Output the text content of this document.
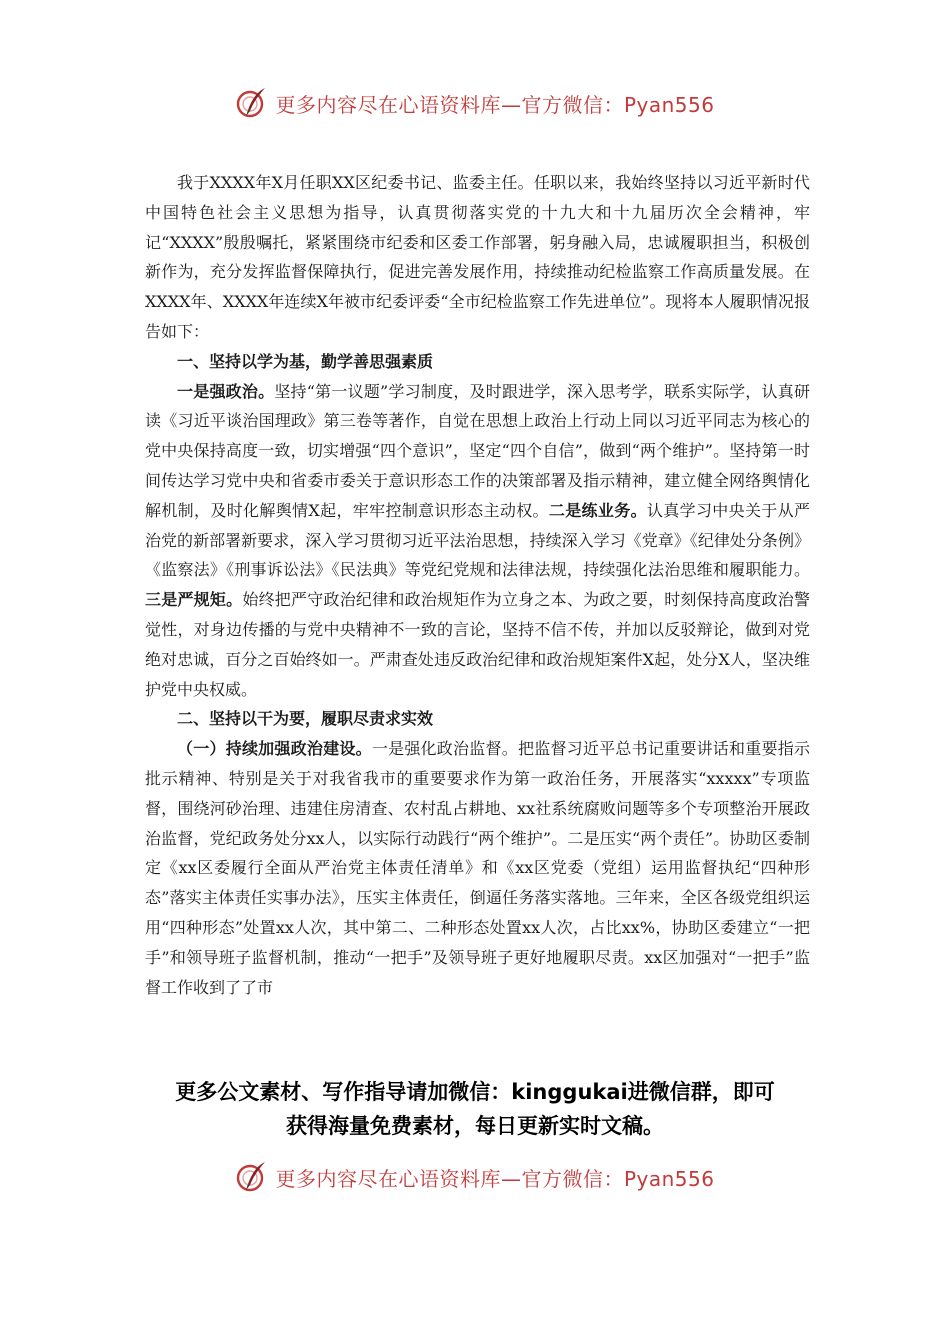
更多内容尽在心语资料库—官方微信：Pyan556

我于XXXX年X月任职XX区纪委书记、监委主任。任职以来，我始终坚持以习近平新时代中国特色社会主义思想为指导，认真贯彻落实党的十九大和十九届历次全会精神，牢记“XXXX”殷殷嘱托，紧紧围绕市纪委和区委工作部署，躬身融入局，忠诚履职担当，积极创新作为，充分发挥监督保障执行，促进完善发展作用，持续推动纪检监察工作高质量发展。在XXXX年、XXXX年连续X年被市纪委评委“全市纪检监察工作先进单位”。现将本人履职情况报告如下：

一、坚持以学为基，勤学善思强素质

一是强政治。坚持“第一议题”学习制度，及时跟进学，深入思考学，联系实际学，认真研读《习近平谈治国理政》第三卷等著作，自觉在思想上政治上行动上同以习近平同志为核心的党中央保持高度一致，切实增强“四个意识”，坚定“四个自信”，做到“两个维护”。坚持第一时间传达学习党中央和省委市委关于意识形态工作的决策部署及指示精神，建立健全网络舆情化解机制，及时化解舆情X起，牢牢控制意识形态主动权。二是练业务。认真学习中央关于从严治党的新部署新要求，深入学习贯彻习近平法治思想，持续深入学习《党章》《纪律处分条例》《监察法》《刑事诉讼法》《民法典》等党纪党规和法律法规，持续强化法治思维和履职能力。三是严规矩。始终把严守政治纪律和政治规矩作为立身之本、为政之要，时刻保持高度政治警觉性，对身边传播的与党中央精神不一致的言论，坚持不信不传，并加以反驳辩论，做到对党绝对忠诚，百分之百始终如一。严肃查处违反政治纪律和政治规矩案件X起，处分X人，坚决维护党中央权威。

二、坚持以干为要，履职尽责求实效

（一）持续加强政治建设。一是强化政治监督。把监督习近平总书记重要讲话和重要指示批示精神、特别是关于对我省我市的重要要求作为第一政治任务，开展落实“xxxxx”专项监督，围绕河砂治理、违建住房清查、农村乱占耕地、xx社系统腐败问题等多个专项整治开展政治监督，党纪政务处分xx人，以实际行动践行“两个维护”。二是压实“两个责任”。协助区委制定《xx区委履行全面从严治党主体责任清单》和《xx区党委（党组）运用监督执纪“四种形态”落实主体责任实事办法》，压实主体责任，倒逼任务落实落地。三年来，全区各级党组织运用“四种形态”处置xx人次，其中第二、二种形态处置xx人次，占比xx%，协助区委建立“一把手”和领导班子监督机制，推动“一把手”及领导班子更好地履职尽责。xx区加强对“一把手”监督工作收到了了市

更多公文素材、写作指导请加微信：kinggukai进微信群，即可
获得海量免费素材，每日更新实时文稿。
更多内容尽在心语资料库—官方微信：Pyan556
